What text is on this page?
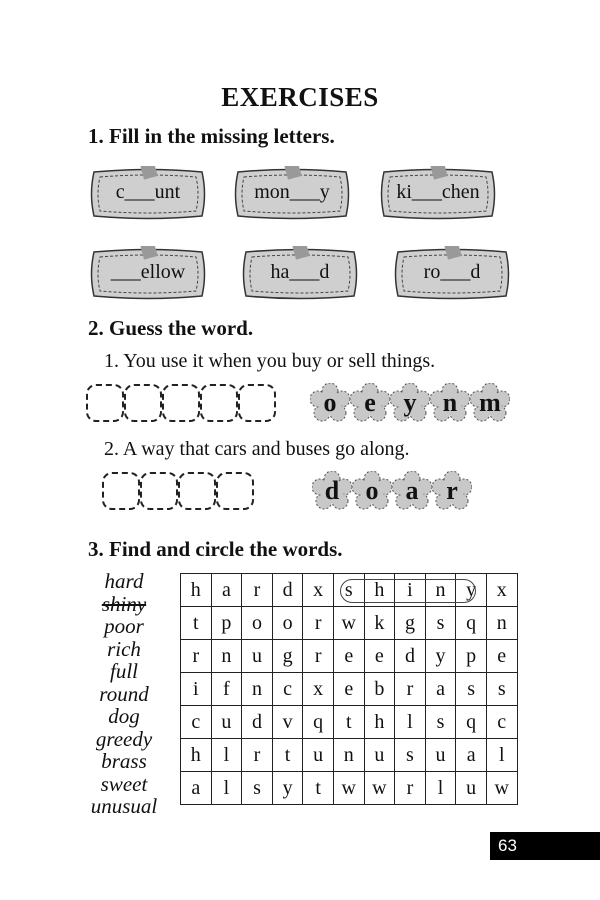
EXERCISES
1. Fill in the missing letters.
c___unt	mon___y	ki___chen
___ellow	ha___d	ro___d
2. Guess the word.
1. You use it when you buy or sell things.
o	e	y	n m
2. A way that cars and buses go along.
d	o	a	r
3. Find and circle the words.
hard
shiny
poor
rich
full
round
dog
greedy
brass
sweet
unusual
h	a	r	d	x	s	h	i	n	y	x
t	p	o	o	r	w	k	g	s	q	n
r	n	u	g	r	e	e	d	y	p	e
i	f	n	c	x	e	b	r	a	s	s
c	u	d	v	q	t	h	l	s	q	c
h	l	r	t	u	n	u	s	u	a	l
a	l	s	y	t	w	w	r	l	u	w
63
